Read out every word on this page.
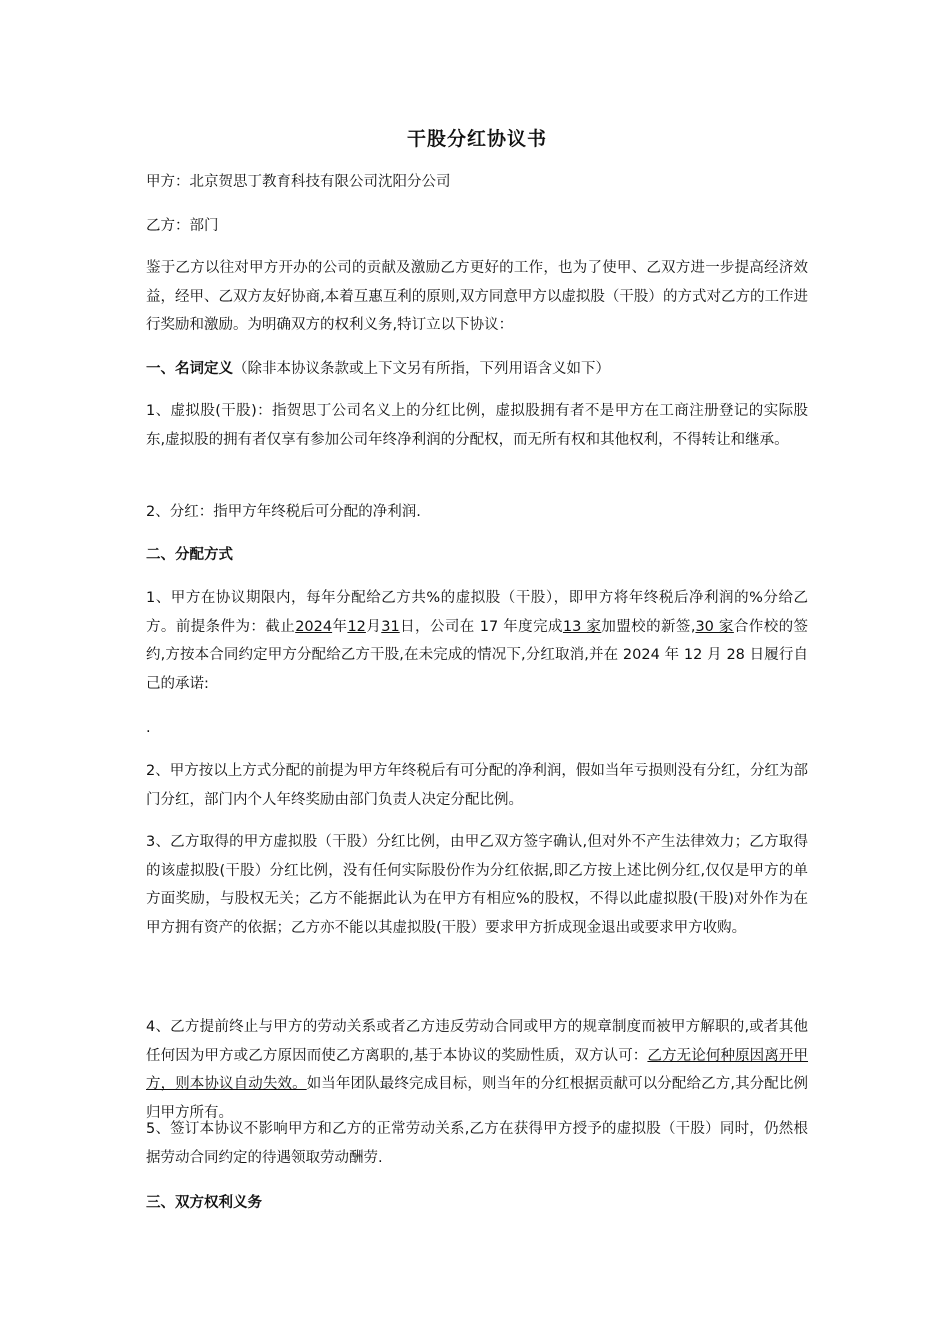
干股分红协议书
甲方：北京贺思丁教育科技有限公司沈阳分公司
乙方：部门
鉴于乙方以往对甲方开办的公司的贡献及激励乙方更好的工作，也为了使甲、乙双方进一步提高经济效益，经甲、乙双方友好协商,本着互惠互利的原则,双方同意甲方以虚拟股（干股）的方式对乙方的工作进行奖励和激励。为明确双方的权利义务,特订立以下协议：
一、名词定义（除非本协议条款或上下文另有所指，下列用语含义如下）
1、虚拟股(干股)：指贺思丁公司名义上的分红比例，虚拟股拥有者不是甲方在工商注册登记的实际股东,虚拟股的拥有者仅享有参加公司年终净利润的分配权，而无所有权和其他权利，不得转让和继承。
2、分红：指甲方年终税后可分配的净利润.
二、分配方式
1、甲方在协议期限内，每年分配给乙方共%的虚拟股（干股），即甲方将年终税后净利润的%分给乙方。前提条件为：截止2024年12月31日，公司在 17 年度完成13 家加盟校的新签,30 家合作校的签约,方按本合同约定甲方分配给乙方干股,在未完成的情况下,分红取消,并在 2024 年 12 月 28 日履行自己的承诺:
.
2、甲方按以上方式分配的前提为甲方年终税后有可分配的净利润，假如当年亏损则没有分红，分红为部门分红，部门内个人年终奖励由部门负责人决定分配比例。
3、乙方取得的甲方虚拟股（干股）分红比例，由甲乙双方签字确认,但对外不产生法律效力；乙方取得的该虚拟股(干股）分红比例，没有任何实际股份作为分红依据,即乙方按上述比例分红,仅仅是甲方的单方面奖励，与股权无关；乙方不能据此认为在甲方有相应%的股权，不得以此虚拟股(干股)对外作为在甲方拥有资产的依据；乙方亦不能以其虚拟股(干股）要求甲方折成现金退出或要求甲方收购。
4、乙方提前终止与甲方的劳动关系或者乙方违反劳动合同或甲方的规章制度而被甲方解职的,或者其他任何因为甲方或乙方原因而使乙方离职的,基于本协议的奖励性质，双方认可：乙方无论何种原因离开甲方，则本协议自动失效。如当年团队最终完成目标，则当年的分红根据贡献可以分配给乙方,其分配比例归甲方所有。
5、签订本协议不影响甲方和乙方的正常劳动关系,乙方在获得甲方授予的虚拟股（干股）同时，仍然根据劳动合同约定的待遇领取劳动酬劳.
三、双方权利义务
